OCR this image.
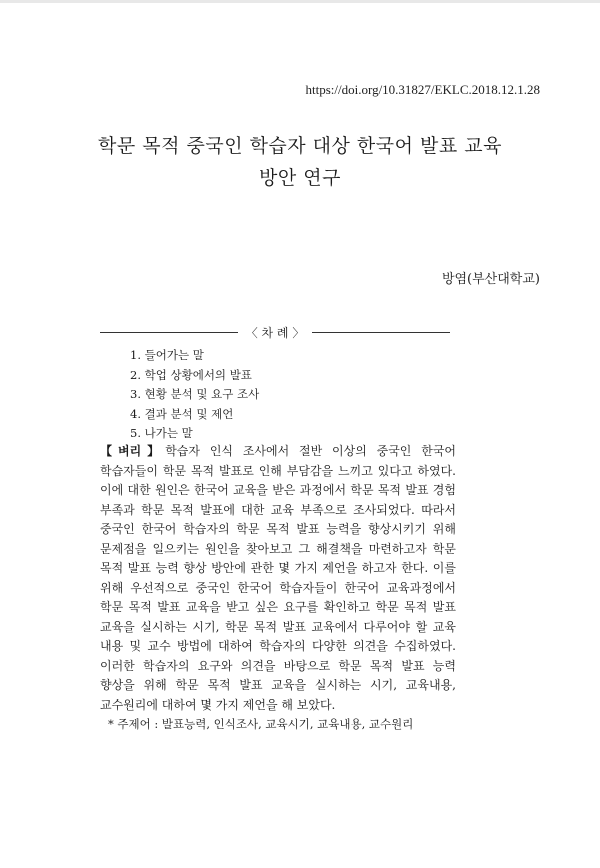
https://doi.org/10.31827/EKLC.2018.12.1.28
학문 목적 중국인 학습자 대상 한국어 발표 교육
방안 연구
방염(부산대학교)
〈 차 례 〉
1. 들어가는 말
2. 학업 상황에서의 발표
3. 현황 분석 및 요구 조사
4. 결과 분석 및 제언
5. 나가는 말

【벼리】학습자 인식 조사에서 절반 이상의 중국인 한국어 학습자들이 학문 목적 발표로 인해 부담감을 느끼고 있다고 하였다. 이에 대한 원인은 한국어 교육을 받은 과정에서 학문 목적 발표 경험 부족과 학문 목적 발표에 대한 교육 부족으로 조사되었다. 따라서 중국인 한국어 학습자의 학문 목적 발표 능력을 향상시키기 위해 문제점을 일으키는 원인을 찾아보고 그 해결책을 마련하고자 학문 목적 발표 능력 향상 방안에 관한 몇 가지 제언을 하고자 한다. 이를 위해 우선적으로 중국인 한국어 학습자들이 한국어 교육과정에서 학문 목적 발표 교육을 받고 싶은 요구를 확인하고 학문 목적 발표 교육을 실시하는 시기, 학문 목적 발표 교육에서 다루어야 할 교육 내용 및 교수 방법에 대하여 학습자의 다양한 의견을 수집하였다. 이러한 학습자의 요구와 의견을 바탕으로 학문 목적 발표 능력 향상을 위해 학문 목적 발표 교육을 실시하는 시기, 교육내용, 교수원리에 대하여 몇 가지 제언을 해 보았다.

* 주제어 : 발표능력, 인식조사, 교육시기, 교육내용, 교수원리
